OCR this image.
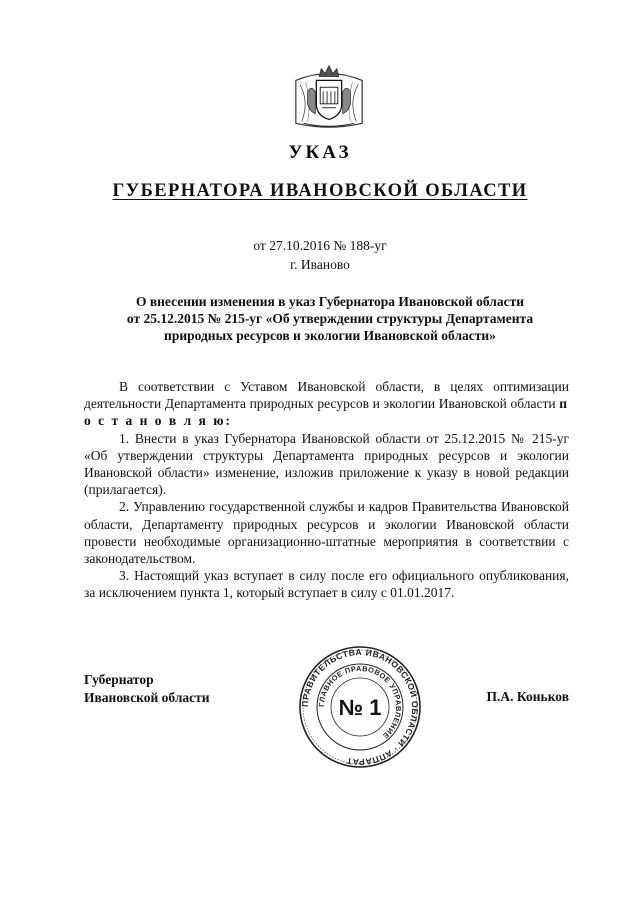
УКАЗ
ГУБЕРНАТОРА ИВАНОВСКОЙ ОБЛАСТИ
от 27.10.2016 № 188-уг
г. Иваново
О внесении изменения в указ Губернатора Ивановской области
от 25.12.2015 № 215-уг «Об утверждении структуры Департамента
природных ресурсов и экологии Ивановской области»

В соответствии с Уставом Ивановской области, в целях оптимизации деятельности Департамента природных ресурсов и экологии Ивановской области п о с т а н о в л я ю:

1. Внести в указ Губернатора Ивановской области от 25.12.2015 № 215-уг «Об утверждении структуры Департамента природных ресурсов и экологии Ивановской области» изменение, изложив приложение к указу в новой редакции (прилагается).

2. Управлению государственной службы и кадров Правительства Ивановской области, Департаменту природных ресурсов и экологии Ивановской области провести необходимые организационно-штатные мероприятия в соответствии с законодательством.

3. Настоящий указ вступает в силу после его официального опубликования, за исключением пункта 1, который вступает в силу с 01.01.2017.

Губернатор
Ивановской области	ПРАВИТЕЛЬСТВА ИВАНОВСКОЙ ОБЛАСТИ · АППАРАТ
ГЛАВНОЕ ПРАВОВОЕ УПРАВЛЕНИЕ
№ 1	П.А. Коньков
